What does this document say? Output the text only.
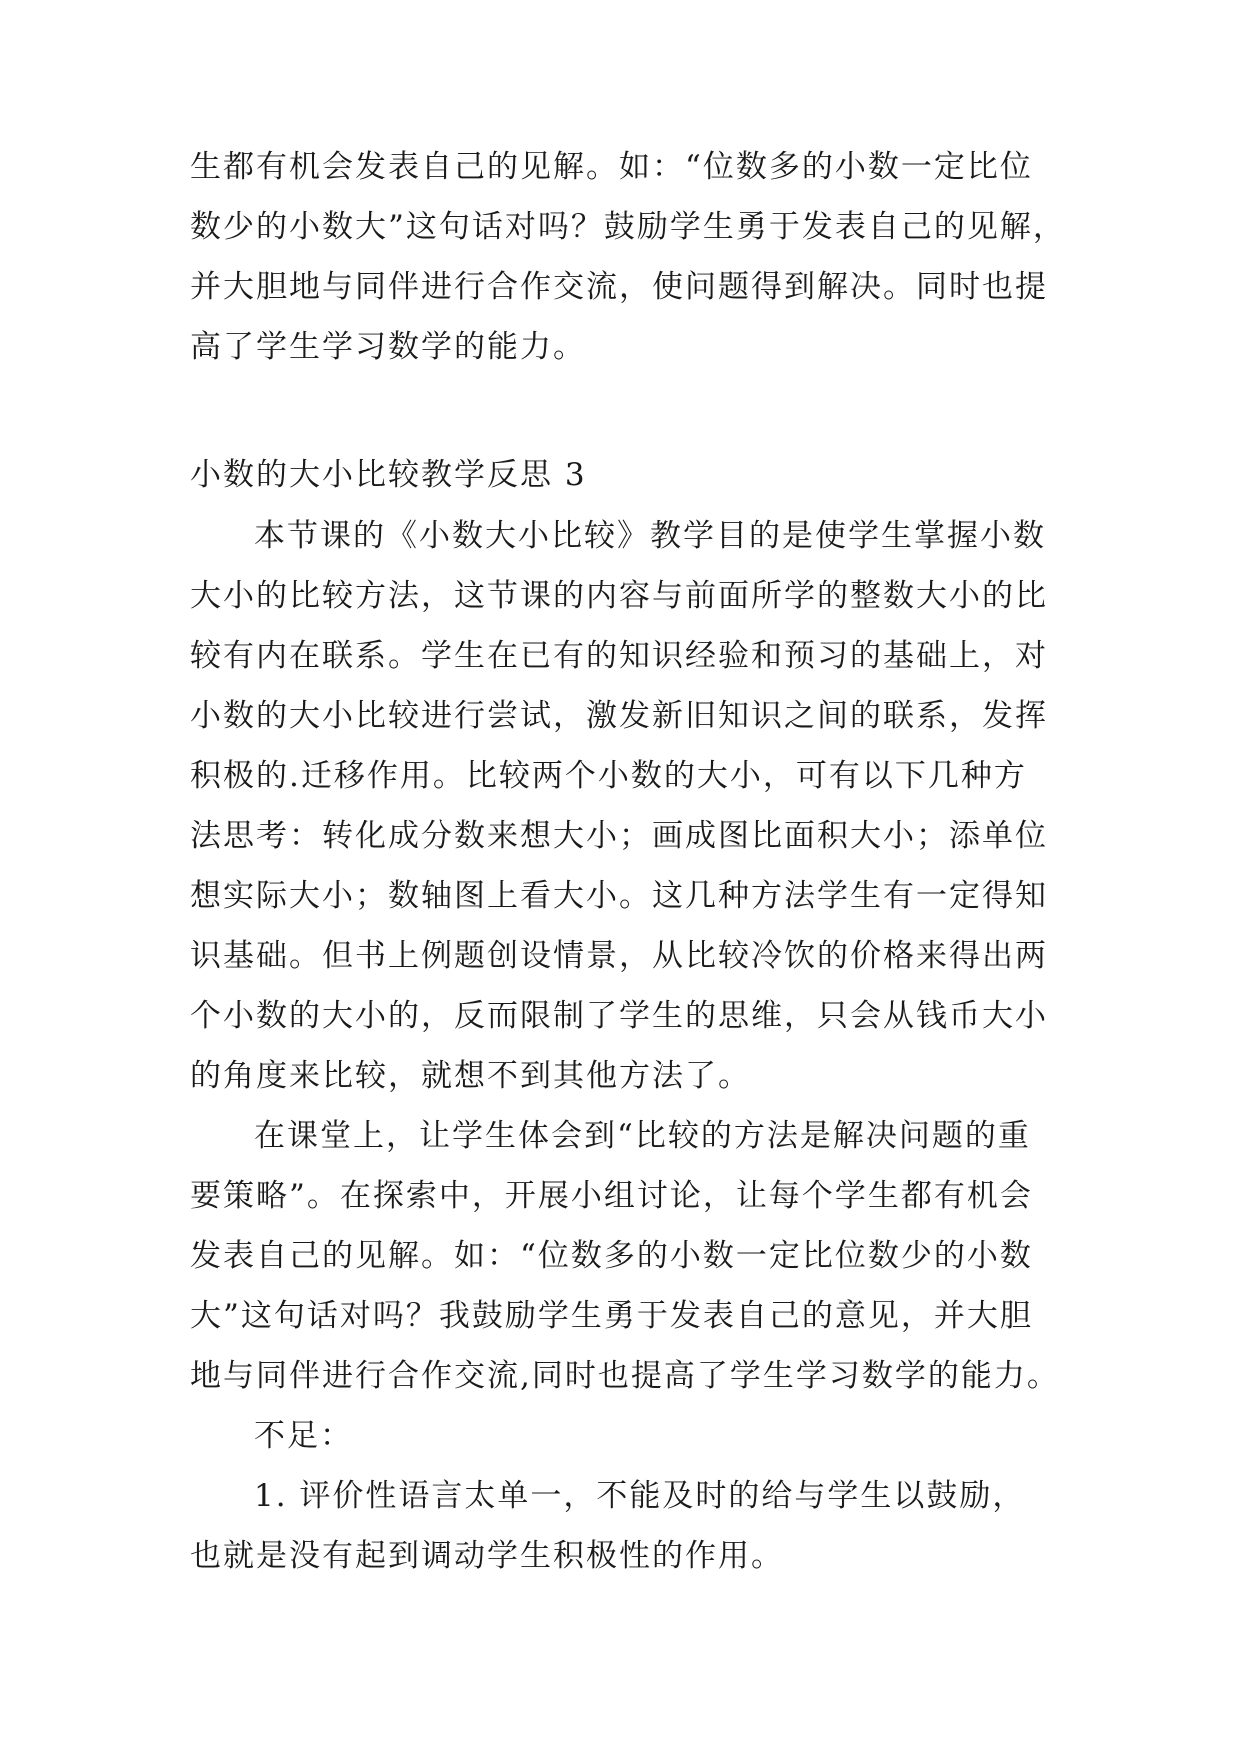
生都有机会发表自己的见解。如：“位数多的小数一定比位
数少的小数大”这句话对吗？鼓励学生勇于发表自己的见解，
并大胆地与同伴进行合作交流，使问题得到解决。同时也提
高了学生学习数学的能力。
小数的大小比较教学反思 3
本节课的《小数大小比较》教学目的是使学生掌握小数
大小的比较方法，这节课的内容与前面所学的整数大小的比
较有内在联系。学生在已有的知识经验和预习的基础上，对
小数的大小比较进行尝试，激发新旧知识之间的联系，发挥
积极的.迁移作用。比较两个小数的大小，可有以下几种方
法思考：转化成分数来想大小；画成图比面积大小；添单位
想实际大小；数轴图上看大小。这几种方法学生有一定得知
识基础。但书上例题创设情景，从比较冷饮的价格来得出两
个小数的大小的，反而限制了学生的思维，只会从钱币大小
的角度来比较，就想不到其他方法了。
在课堂上，让学生体会到“比较的方法是解决问题的重
要策略”。在探索中，开展小组讨论，让每个学生都有机会
发表自己的见解。如：“位数多的小数一定比位数少的小数
大”这句话对吗？我鼓励学生勇于发表自己的意见，并大胆
地与同伴进行合作交流,同时也提高了学生学习数学的能力。
不足：
1. 评价性语言太单一，不能及时的给与学生以鼓励，
也就是没有起到调动学生积极性的作用。
